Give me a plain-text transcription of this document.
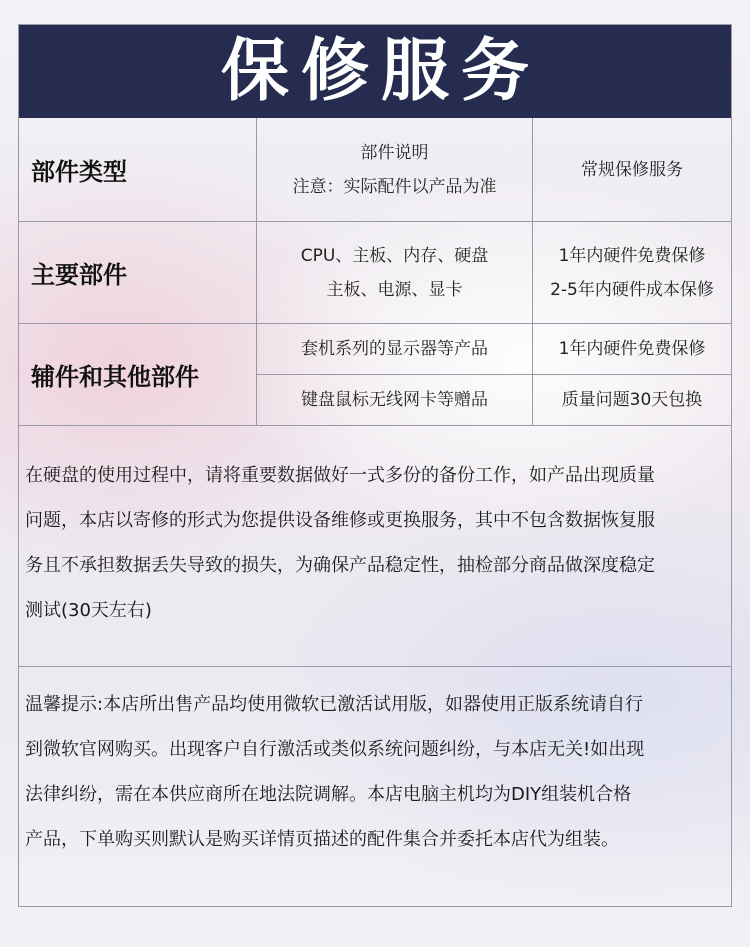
保修服务
部件类型
部件说明
注意：实际配件以产品为准
常规保修服务
主要部件
CPU、主板、内存、硬盘
主板、电源、显卡
1年内硬件免费保修
2-5年内硬件成本保修
辅件和其他部件
套机系列的显示器等产品	1年内硬件免费保修
键盘鼠标无线网卡等赠品	质量问题30天包换
在硬盘的使用过程中，请将重要数据做好一式多份的备份工作，如产品出现质量
问题，本店以寄修的形式为您提供设备维修或更换服务，其中不包含数据恢复服
务且不承担数据丢失导致的损失，为确保产品稳定性，抽检部分商品做深度稳定
测试(30天左右)
温馨提示:本店所出售产品均使用微软已激活试用版，如器使用正版系统请自行
到微软官网购买。出现客户自行激活或类似系统问题纠纷，与本店无关!如出现
法律纠纷，需在本供应商所在地法院调解。本店电脑主机均为DIY组装机合格
产品，下单购买则默认是购买详情页描述的配件集合并委托本店代为组装。
